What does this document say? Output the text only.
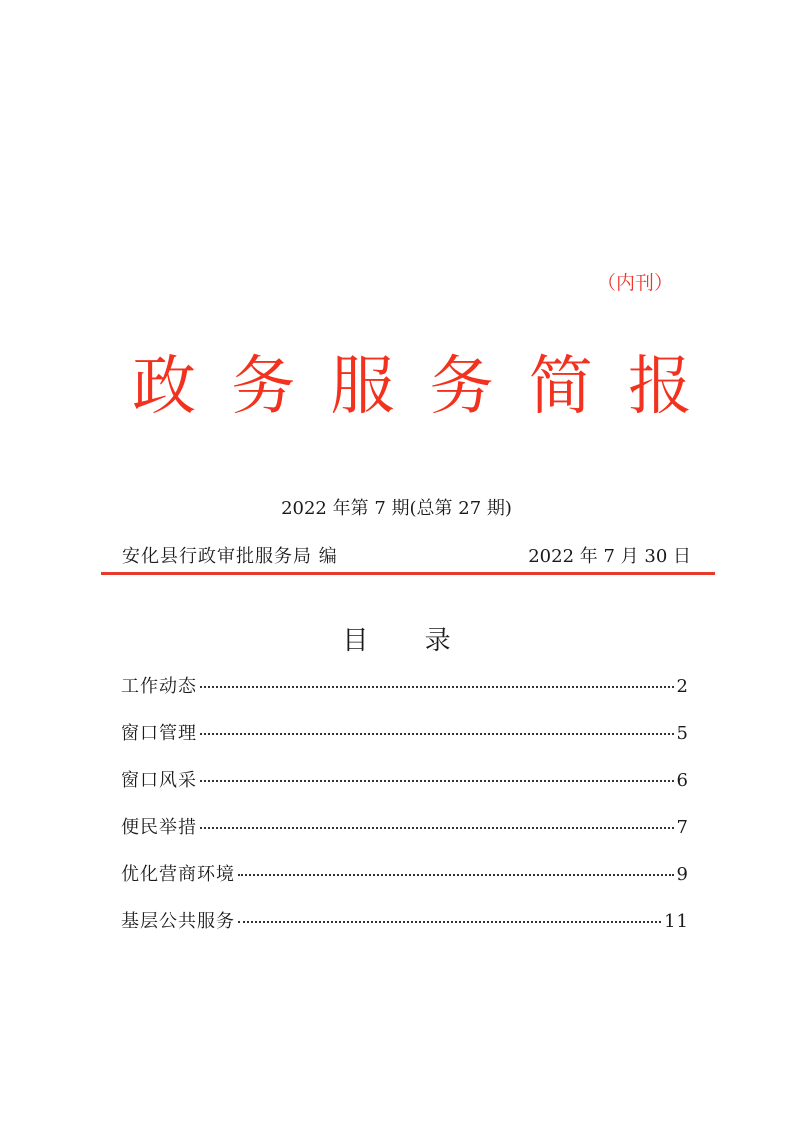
（内刊）
政 务 服 务 简 报
2022 年第 7 期(总第 27 期)
安化县行政审批服务局 编	2022 年 7 月 30 日
目 录
工作动态	2
窗口管理	5
窗口风采	6
便民举措	7
优化营商环境	9
基层公共服务	11
